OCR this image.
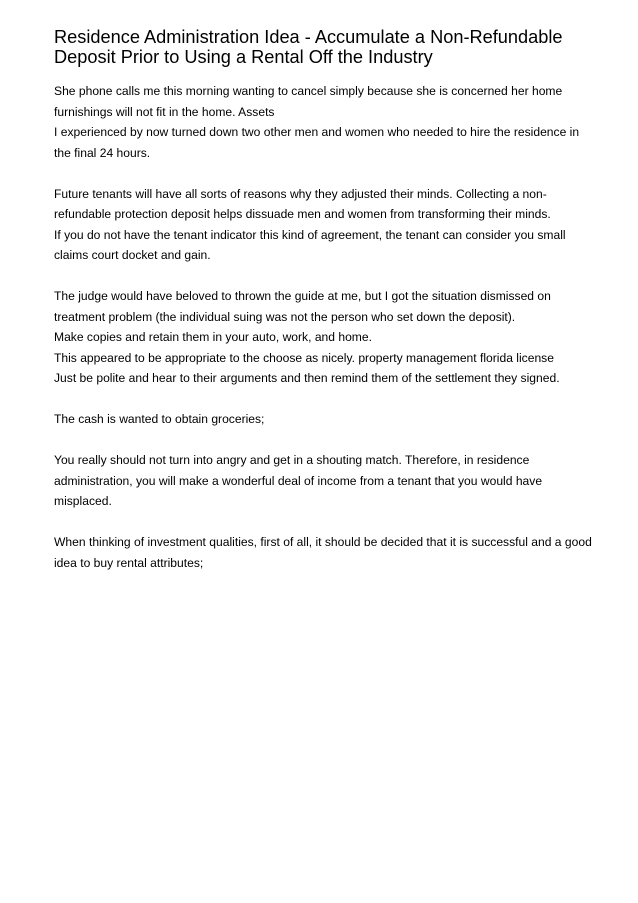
Residence Administration Idea - Accumulate a Non-Refundable Deposit Prior to Using a Rental Off the Industry
She phone calls me this morning wanting to cancel simply because she is concerned her home furnishings will not fit in the home. Assets
I experienced by now turned down two other men and women who needed to hire the residence in the final 24 hours.
Future tenants will have all sorts of reasons why they adjusted their minds. Collecting a non-refundable protection deposit helps dissuade men and women from transforming their minds.
If you do not have the tenant indicator this kind of agreement, the tenant can consider you small claims court docket and gain.
The judge would have beloved to thrown the guide at me, but I got the situation dismissed on treatment problem (the individual suing was not the person who set down the deposit).
Make copies and retain them in your auto, work, and home.
This appeared to be appropriate to the choose as nicely. property management florida license
Just be polite and hear to their arguments and then remind them of the settlement they signed.
The cash is wanted to obtain groceries;
You really should not turn into angry and get in a shouting match. Therefore, in residence administration, you will make a wonderful deal of income from a tenant that you would have misplaced.
When thinking of investment qualities, first of all, it should be decided that it is successful and a good idea to buy rental attributes;
